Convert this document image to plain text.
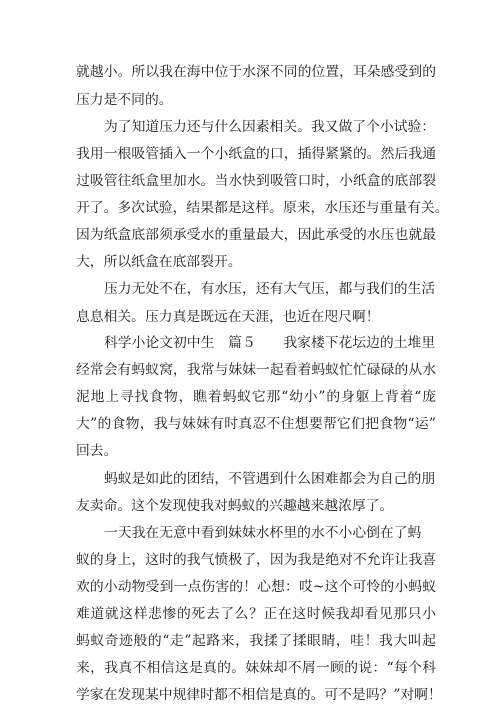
就越小。所以我在海中位于水深不同的位置，耳朵感受到的
压力是不同的。
为了知道压力还与什么因素相关。我又做了个小试验：
我用一根吸管插入一个小纸盒的口，插得紧紧的。然后我通
过吸管往纸盒里加水。当水快到吸管口时，小纸盒的底部裂
开了。多次试验，结果都是这样。原来，水压还与重量有关。
因为纸盒底部须承受水的重量最大，因此承受的水压也就最
大，所以纸盒在底部裂开。
压力无处不在，有水压，还有大气压，都与我们的生活
息息相关。压力真是既远在天涯，也近在咫尺啊！
科学小论文初中生　篇５　　我家楼下花坛边的土堆里
经常会有蚂蚁窝，我常与妹妹一起看着蚂蚁忙忙碌碌的从水
泥地上寻找食物，瞧着蚂蚁它那“幼小”的身躯上背着“庞
大”的食物，我与妹妹有时真忍不住想要帮它们把食物“运”
回去。
蚂蚁是如此的团结，不管遇到什么困难都会为自己的朋
友卖命。这个发现使我对蚂蚁的兴趣越来越浓厚了。
一天我在无意中看到妹妹水杯里的水不小心倒在了蚂
蚁的身上，这时的我气愤极了，因为我是绝对不允许让我喜
欢的小动物受到一点伤害的！心想：哎~这个可怜的小蚂蚁
难道就这样悲惨的死去了么？正在这时候我却看见那只小
蚂蚁奇迹般的“走”起路来，我揉了揉眼睛，哇！我大叫起
来，我真不相信这是真的。妹妹却不屑一顾的说：“每个科
学家在发现某中规律时都不相信是真的。可不是吗？”对啊！
